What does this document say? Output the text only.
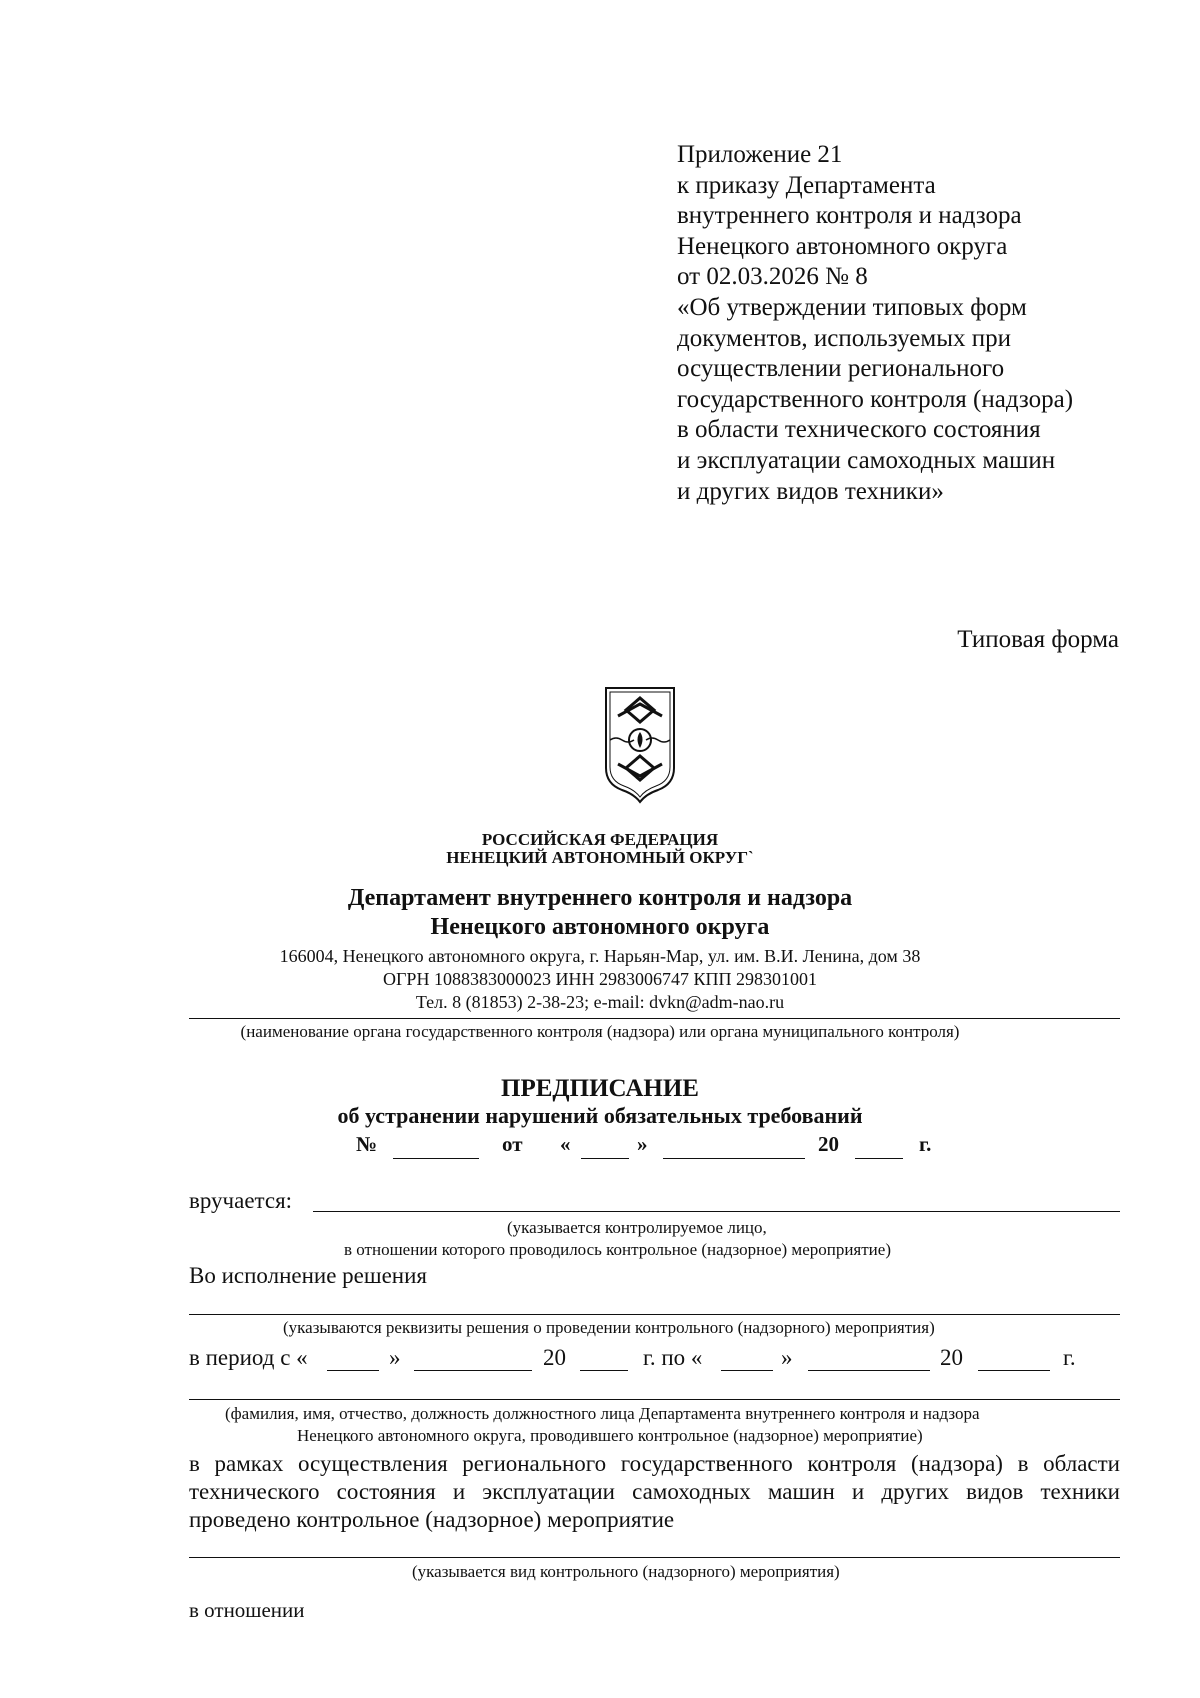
Приложение 21
к приказу Департамента
внутреннего контроля и надзора
Ненецкого автономного округа
от 02.03.2026 № 8
«Об утверждении типовых форм
документов, используемых при
осуществлении регионального
государственного контроля (надзора)
в области технического состояния
и эксплуатации самоходных машин
и других видов техники»
Типовая форма
РОССИЙСКАЯ ФЕДЕРАЦИЯ
НЕНЕЦКИЙ АВТОНОМНЫЙ ОКРУГ`
Департамент внутреннего контроля и надзора
Ненецкого автономного округа
166004, Ненецкого автономного округа, г. Нарьян-Мар, ул. им. В.И. Ленина, дом 38
ОГРН 1088383000023 ИНН 2983006747 КПП 298301001
Тел. 8 (81853) 2-38-23; e-mail: dvkn@adm-nao.ru
(наименование органа государственного контроля (надзора) или органа муниципального контроля)
ПРЕДПИСАНИЕ
об устранении нарушений обязательных требований
№	от «	»	20	г.
вручается:
(указывается контролируемое лицо,
в отношении которого проводилось контрольное (надзорное) мероприятие)
Во исполнение решения
(указываются реквизиты решения о проведении контрольного (надзорного) мероприятия)
в период с «	»	20	г. по «	»	20	г.
(фамилия, имя, отчество, должность должностного лица Департамента внутреннего контроля и надзора
Ненецкого автономного округа, проводившего контрольное (надзорное) мероприятие)
в рамках осуществления регионального государственного контроля (надзора) в области
технического состояния и эксплуатации самоходных машин и других видов техники
проведено контрольное (надзорное) мероприятие
(указывается вид контрольного (надзорного) мероприятия)
в отношении
